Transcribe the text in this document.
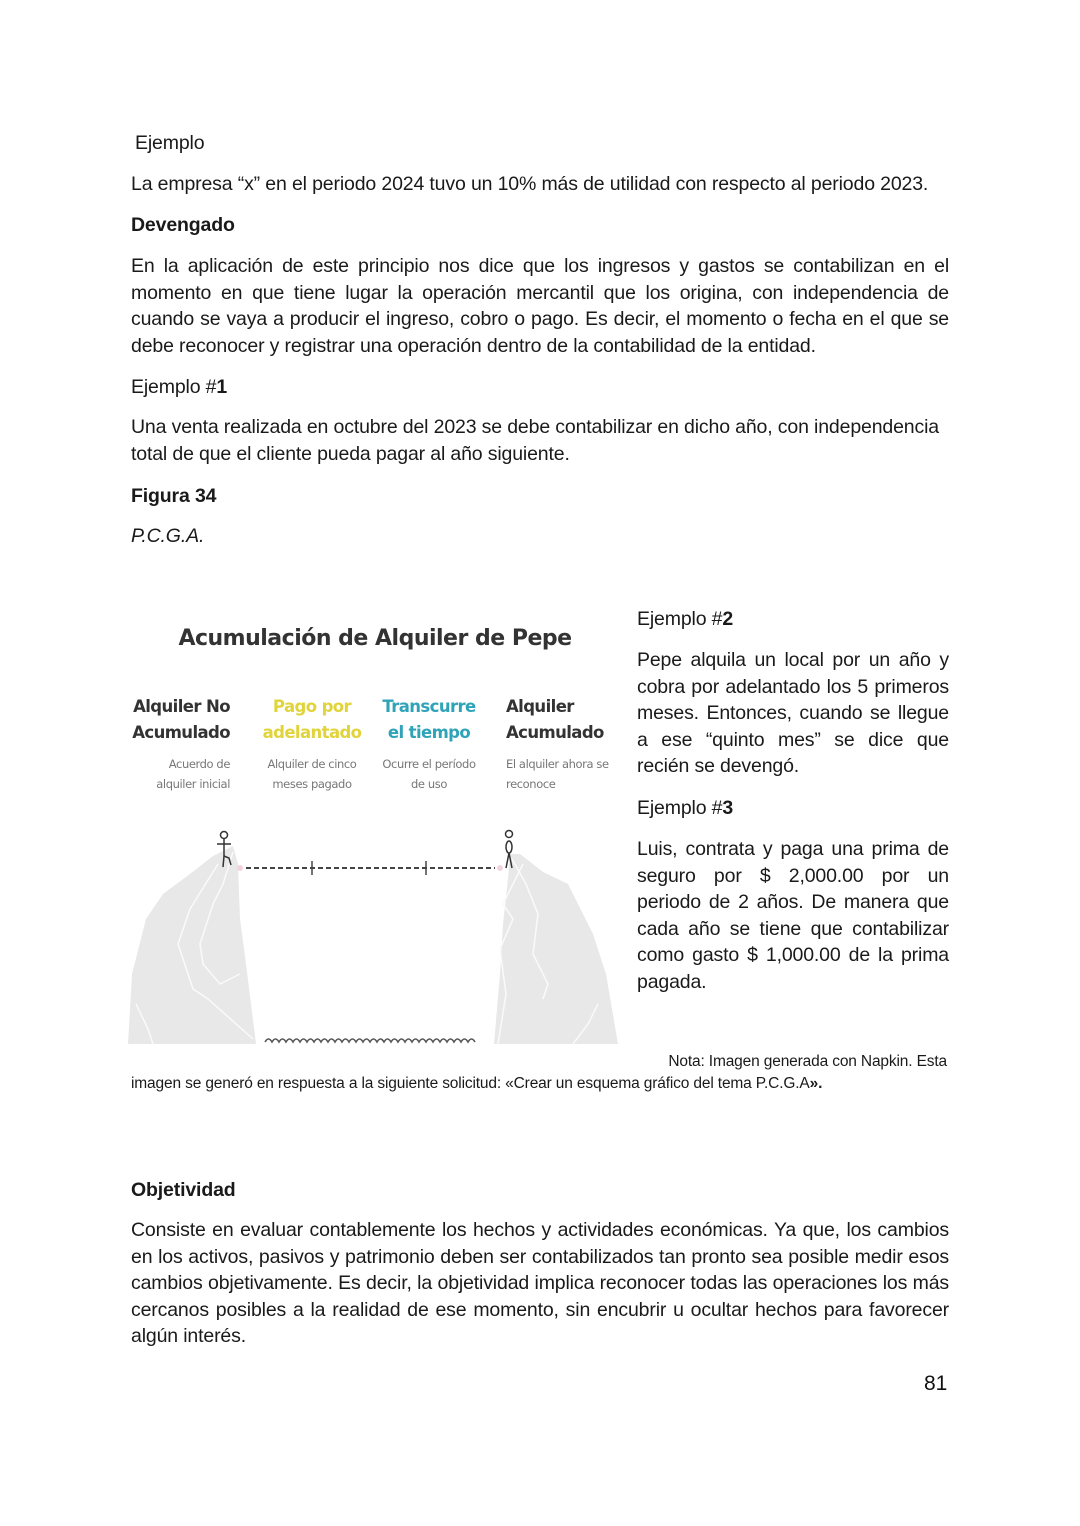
Ejemplo
La empresa “x” en el periodo 2024 tuvo un 10% más de utilidad con respecto al periodo 2023.
Devengado
En la aplicación de este principio nos dice que los ingresos y gastos se contabilizan en el momento en que tiene lugar la operación mercantil que los origina, con independencia de cuando se vaya a producir el ingreso, cobro o pago. Es decir, el momento o fecha en el que se debe reconocer y registrar una operación dentro de la contabilidad de la entidad.
Ejemplo #1
Una venta realizada en octubre del 2023 se debe contabilizar en dicho año, con independencia total de que el cliente pueda pagar al año siguiente.
Figura 34
P.C.G.A.
Acumulación de Alquiler de Pepe
Alquiler No Acumulado
Acuerdo de alquiler inicial
Pago por adelantado
Alquiler de cinco meses pagado
Transcurre el tiempo
Ocurre el período de uso
Alquiler Acumulado
El alquiler ahora se reconoce
Ejemplo #2
Pepe alquila un local por un año y cobra por adelantado los 5 primeros meses. Entonces, cuando se llegue a ese “quinto mes” se dice que recién se devengó.
Ejemplo #3
Luis, contrata y paga una prima de seguro por $ 2,000.00 por un periodo de 2 años. De manera que cada año se tiene que contabilizar como gasto $ 1,000.00 de la prima pagada.
Nota: Imagen generada con Napkin. Esta
imagen se generó en respuesta a la siguiente solicitud: «Crear un esquema gráfico del tema P.C.G.A».
Objetividad
Consiste en evaluar contablemente los hechos y actividades económicas. Ya que, los cambios en los activos, pasivos y patrimonio deben ser contabilizados tan pronto sea posible medir esos cambios objetivamente. Es decir, la objetividad implica reconocer todas las operaciones los más cercanos posibles a la realidad de ese momento, sin encubrir u ocultar hechos para favorecer algún interés.
81
